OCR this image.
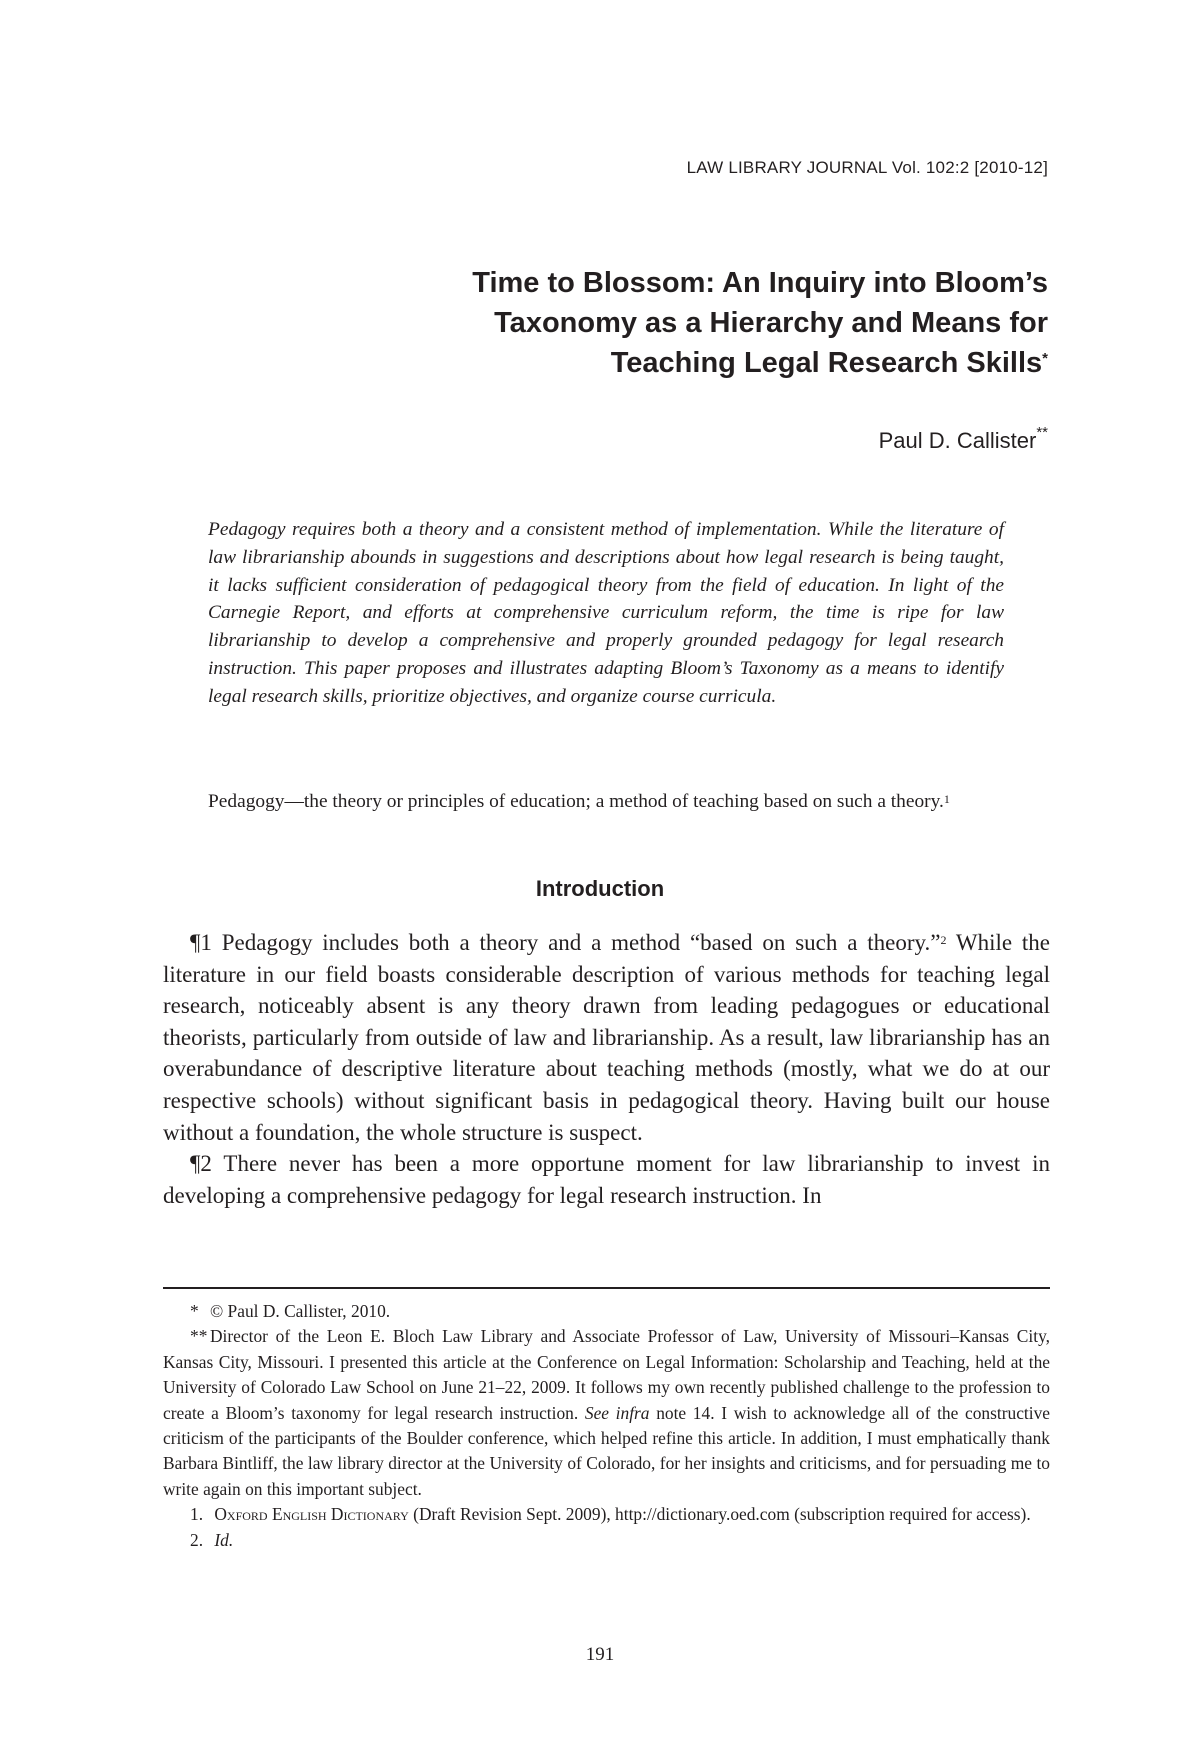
LAW LIBRARY JOURNAL Vol. 102:2 [2010-12]
Time to Blossom: An Inquiry into Bloom’s
Taxonomy as a Hierarchy and Means for
Teaching Legal Research Skills*
Paul D. Callister**

Pedagogy requires both a theory and a consistent method of implementation. While the literature of law librarianship abounds in suggestions and descriptions about how legal research is being taught, it lacks sufficient consideration of pedagogical theory from the field of education. In light of the Carnegie Report, and efforts at comprehensive curriculum reform, the time is ripe for law librarianship to develop a comprehensive and properly grounded pedagogy for legal research instruction. This paper proposes and illustrates adapting Bloom’s Taxonomy as a means to identify legal research skills, prioritize objectives, and organize course curricula.

Pedagogy—the theory or principles of education; a method of teaching based on such a theory.$^1$

Introduction

¶1 Pedagogy includes both a theory and a method “based on such a theory.”$^2$ While the literature in our field boasts considerable description of various methods for teaching legal research, noticeably absent is any theory drawn from leading pedagogues or educational theorists, particularly from outside of law and librarianship. As a result, law librarianship has an overabundance of descriptive literature about teaching methods (mostly, what we do at our respective schools) without significant basis in pedagogical theory. Having built our house without a foundation, the whole structure is suspect.

¶2 There never has been a more opportune moment for law librarianship to invest in developing a comprehensive pedagogy for legal research instruction. In

* © Paul D. Callister, 2010.

** Director of the Leon E. Bloch Law Library and Associate Professor of Law, University of Missouri–Kansas City, Kansas City, Missouri. I presented this article at the Conference on Legal Information: Scholarship and Teaching, held at the University of Colorado Law School on June 21–22, 2009. It follows my own recently published challenge to the profession to create a Bloom’s taxonomy for legal research instruction. See infra note 14. I wish to acknowledge all of the constructive criticism of the participants of the Boulder conference, which helped refine this article. In addition, I must emphatically thank Barbara Bintliff, the law library director at the University of Colorado, for her insights and criticisms, and for persuading me to write again on this important subject.

1. Oxford English Dictionary (Draft Revision Sept. 2009), http://dictionary.oed.com (subscription required for access).

2. Id.

191
